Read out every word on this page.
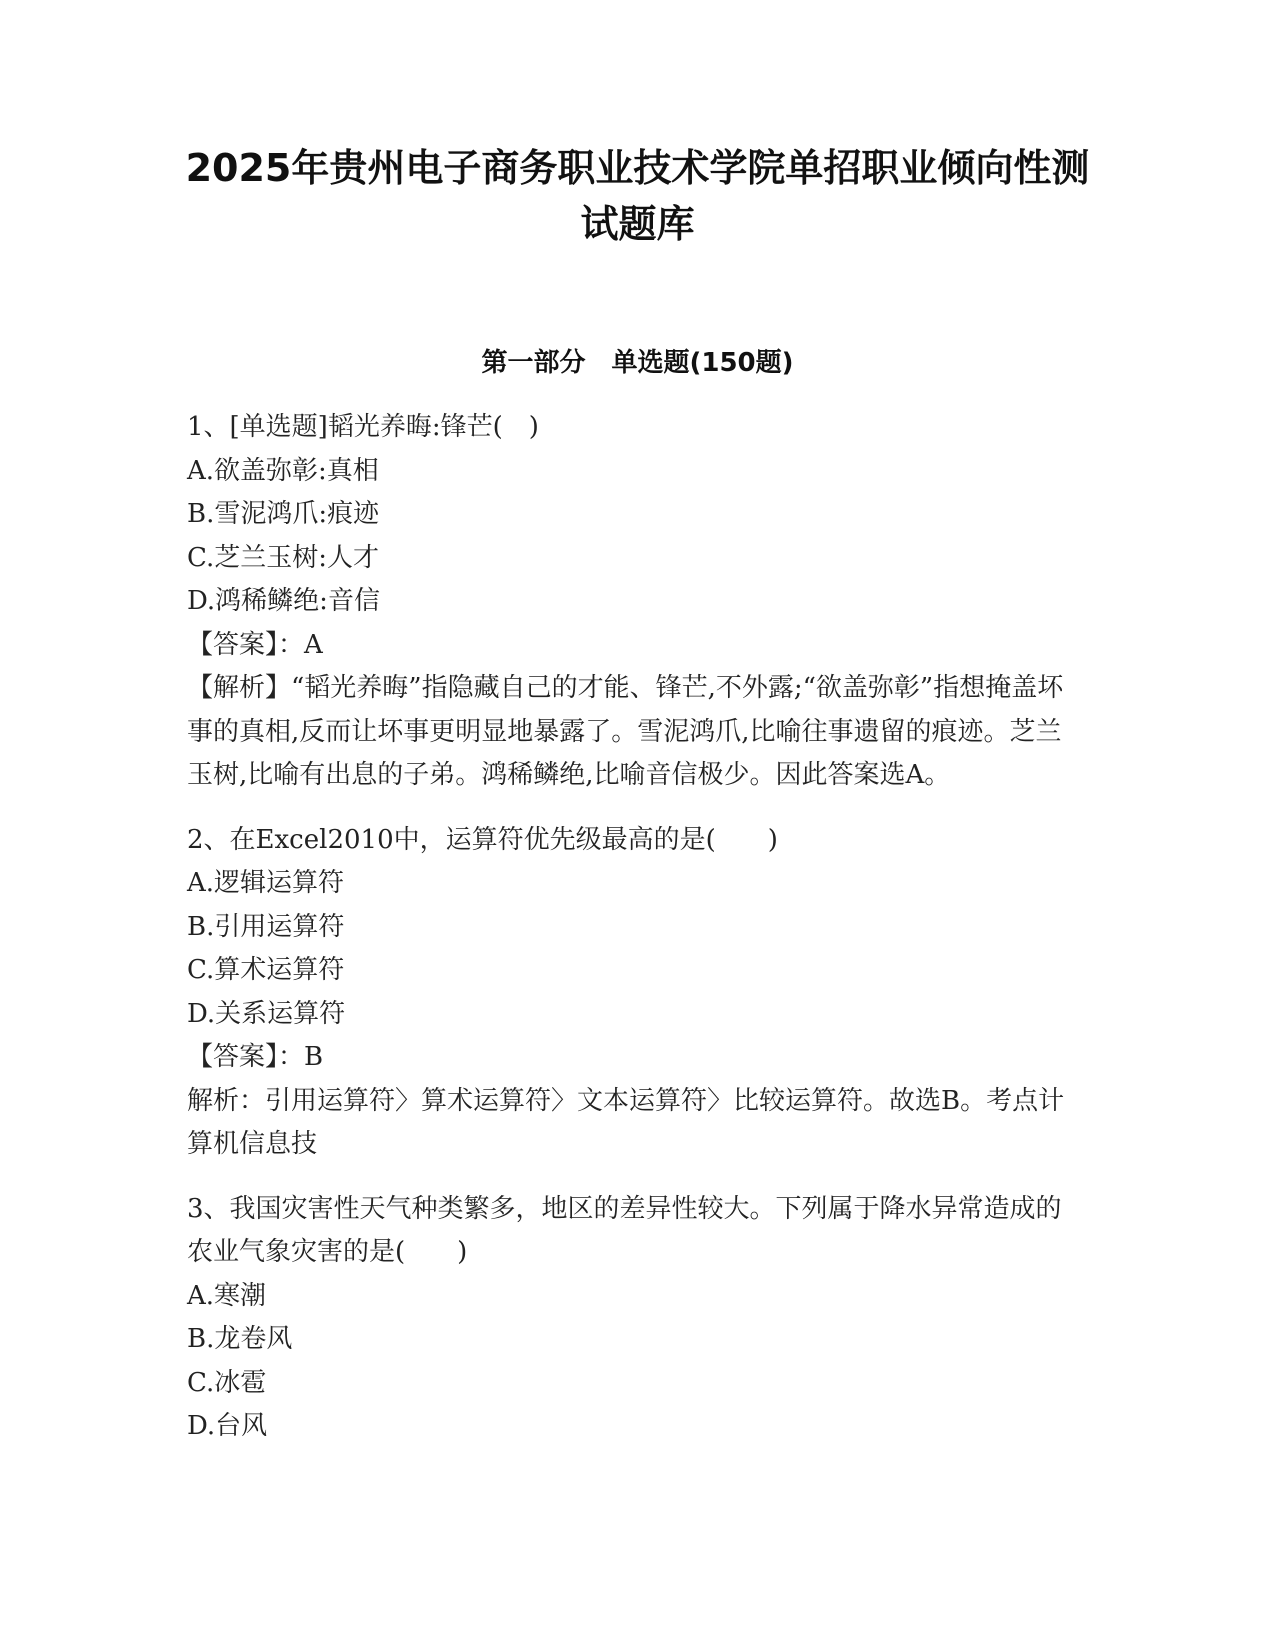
2025年贵州电子商务职业技术学院单招职业倾向性测
试题库
第一部分　单选题(150题)
1、[单选题]韬光养晦:锋芒(　)
A.欲盖弥彰:真相
B.雪泥鸿爪:痕迹
C.芝兰玉树:人才
D.鸿稀鳞绝:音信
【答案】：A
【解析】“韬光养晦”指隐藏自己的才能、锋芒,不外露;“欲盖弥彰”指想掩盖坏事的真相,反而让坏事更明显地暴露了。雪泥鸿爪,比喻往事遗留的痕迹。芝兰玉树,比喻有出息的子弟。鸿稀鳞绝,比喻音信极少。因此答案选A。
2、在Excel2010中，运算符优先级最高的是(　　)
A.逻辑运算符
B.引用运算符
C.算术运算符
D.关系运算符
【答案】：B
解析：引用运算符〉算术运算符〉文本运算符〉比较运算符。故选B。考点计算机信息技
3、我国灾害性天气种类繁多，地区的差异性较大。下列属于降水异常造成的农业气象灾害的是(　　)
A.寒潮
B.龙卷风
C.冰雹
D.台风
